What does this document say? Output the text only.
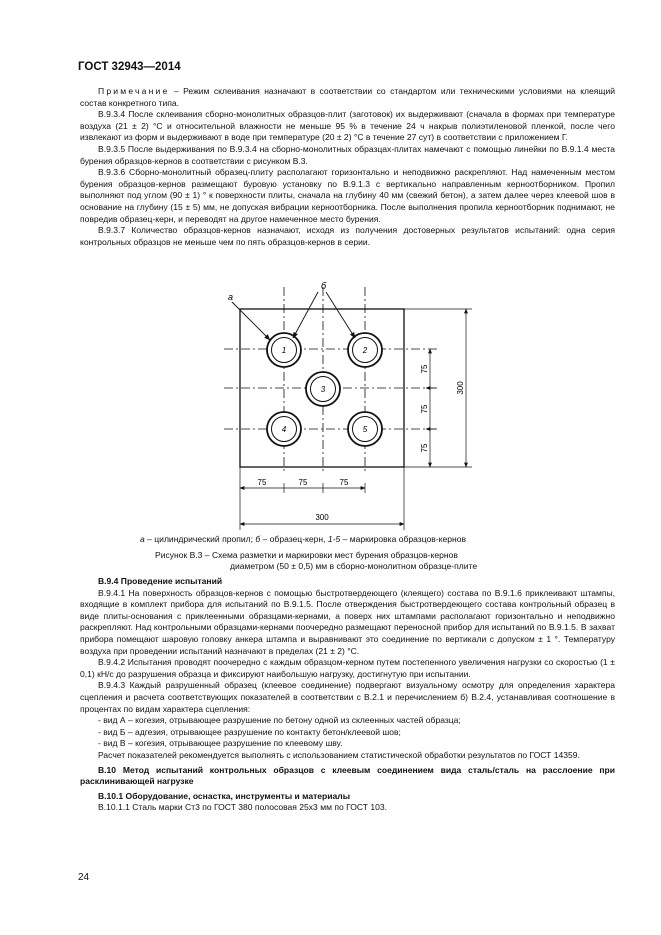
ГОСТ 32943—2014

Примечание – Режим склеивания назначают в соответствии со стандартом или техническими условиями на клеящий состав конкретного типа.

В.9.3.4 После склеивания сборно-монолитных образцов-плит (заготовок) их выдерживают (сначала в формах при температуре воздуха (21 ± 2) °С и относительной влажности не меньше 95 % в течение 24 ч накрыв полиэтиленовой пленкой, после чего извлекают из форм и выдерживают в воде при температуре (20 ± 2) °С в течение 27 сут) в соответствии с приложением Г.

В.9.3.5 После выдерживания по В.9.3.4 на сборно-монолитных образцах-плитах намечают с помощью линейки по В.9.1.4 места бурения образцов-кернов в соответствии с рисунком В.3.

В.9.3.6 Сборно-монолитный образец-плиту располагают горизонтально и неподвижно раскрепляют. Над намеченным местом бурения образцов-кернов размещают буровую установку по В.9.1.3 с вертикально направленным керноотборником. Пропил выполняют под углом (90 ± 1) ° к поверхности плиты, сначала на глубину 40 мм (свежий бетон), а затем далее через клеевой шов в основание на глубину (15 ± 5) мм, не допуская вибрации керноотборника. После выполнения пропила керноотборник поднимают, не повредив образец-керн, и переводят на другое намеченное место бурения.

В.9.3.7 Количество образцов-кернов назначают, исходя из получения достоверных результатов испытаний: одна серия контрольных образцов не меньше чем по пять образцов-кернов в серии.

1	2
3
4	5
а
б
75
75
75
300
75	75	75
300
а – цилиндрический пропил; б – образец-керн, 1-5 – маркировка образцов-кернов
Рисунок В.3 – Схема разметки и маркировки мест бурения образцов-кернов
диаметром (50 ± 0,5) мм в сборно-монолитном образце-плите

В.9.4 Проведение испытаний

В.9.4.1 На поверхность образцов-кернов с помощью быстротвердеющего (клеящего) состава по В.9.1.6 приклеивают штампы, входящие в комплект прибора для испытаний по В.9.1.5. После отверждения быстротвердеющего состава контрольный образец в виде плиты-основания с приклеенными образцами-кернами, а поверх них штампами располагают горизонтально и неподвижно раскрепляют. Над контрольными образцами-кернами поочередно размещают переносной прибор для испытаний по В.9.1.5. В захват прибора помещают шаровую головку анкера штампа и выравнивают это соединение по вертикали с допуском ± 1 °. Температуру воздуха при проведении испытаний назначают в пределах (21 ± 2) °С.

В.9.4.2 Испытания проводят поочередно с каждым образцом-керном путем постепенного увеличения нагрузки со скоростью (1 ± 0,1) кН/с до разрушения образца и фиксируют наибольшую нагрузку, достигнутую при испытании.

В.9.4.3 Каждый разрушенный образец (клеевое соединение) подвергают визуальному осмотру для определения характера сцепления и расчета соответствующих показателей в соответствии с В.2.1 и перечислением б) В.2.4, устанавливая соотношение в процентах по видам характера сцепления:

- вид А – когезия, отрывающее разрушение по бетону одной из склеенных частей образца;

- вид Б – адгезия, отрывающее разрушение по контакту бетон/клеевой шов;

- вид В – когезия, отрывающее разрушение по клеевому шву.

Расчет показателей рекомендуется выполнять с использованием статистической обработки результатов по ГОСТ 14359.

В.10 Метод испытаний контрольных образцов с клеевым соединением вида сталь/сталь на расслоение при расклинивающей нагрузке

В.10.1 Оборудование, оснастка, инструменты и материалы

В.10.1.1 Сталь марки Ст3 по ГОСТ 380 полосовая 25х3 мм по ГОСТ 103.

24
